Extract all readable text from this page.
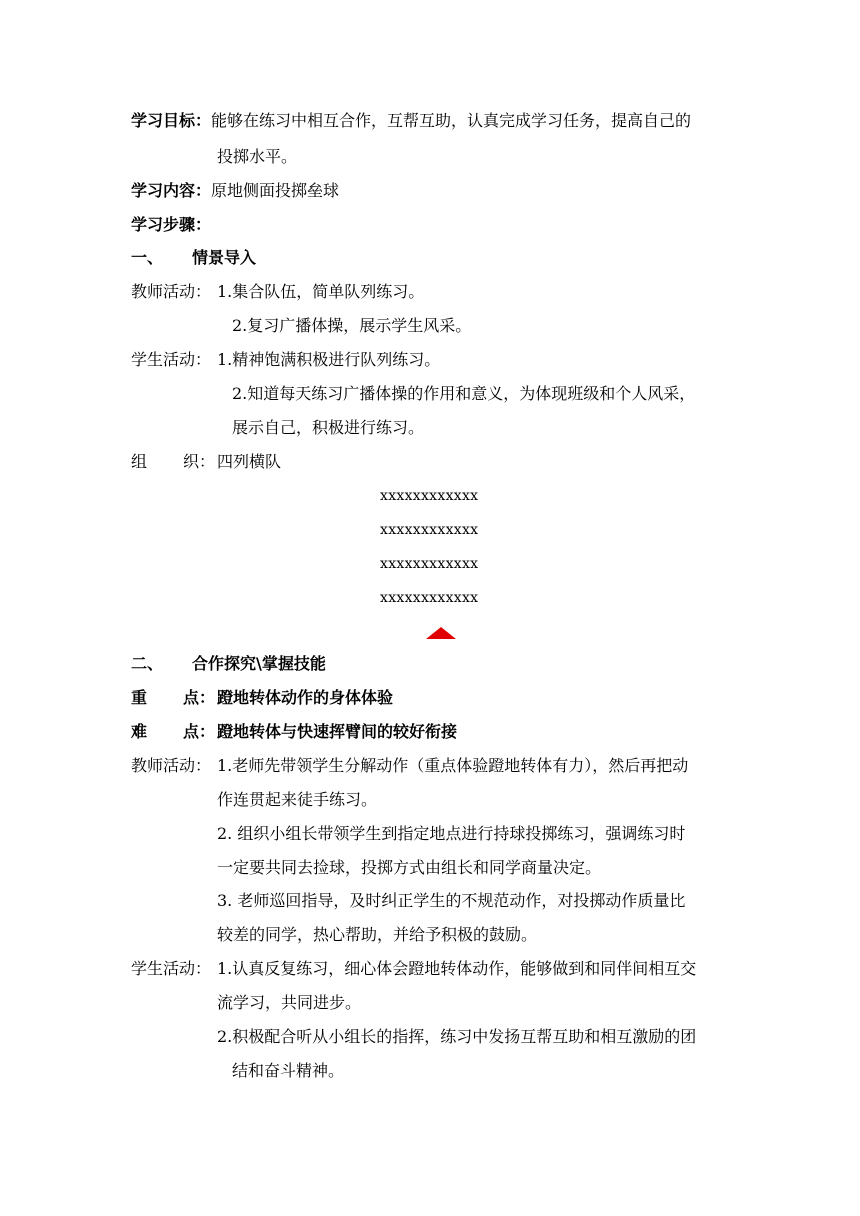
学习目标：能够在练习中相互合作，互帮互助，认真完成学习任务，提高自己的
投掷水平。
学习内容：原地侧面投掷垒球
学习步骤：
一、 情景导入
教师活动： 1.集合队伍，简单队列练习。
2.复习广播体操，展示学生风采。
学生活动： 1.精神饱满积极进行队列练习。
2.知道每天练习广播体操的作用和意义，为体现班级和个人风采，
展示自己，积极进行练习。
组 织： 四列横队
xxxxxxxxxxxx
xxxxxxxxxxxx
xxxxxxxxxxxx
xxxxxxxxxxxx
二、 合作探究\掌握技能
重 点： 蹬地转体动作的身体体验
难 点： 蹬地转体与快速挥臂间的较好衔接
教师活动： 1.老师先带领学生分解动作（重点体验蹬地转体有力），然后再把动
作连贯起来徒手练习。
2. 组织小组长带领学生到指定地点进行持球投掷练习，强调练习时
一定要共同去捡球，投掷方式由组长和同学商量决定。
3. 老师巡回指导，及时纠正学生的不规范动作，对投掷动作质量比
较差的同学，热心帮助，并给予积极的鼓励。
学生活动： 1.认真反复练习，细心体会蹬地转体动作，能够做到和同伴间相互交
流学习，共同进步。
2.积极配合听从小组长的指挥，练习中发扬互帮互助和相互激励的团
结和奋斗精神。
